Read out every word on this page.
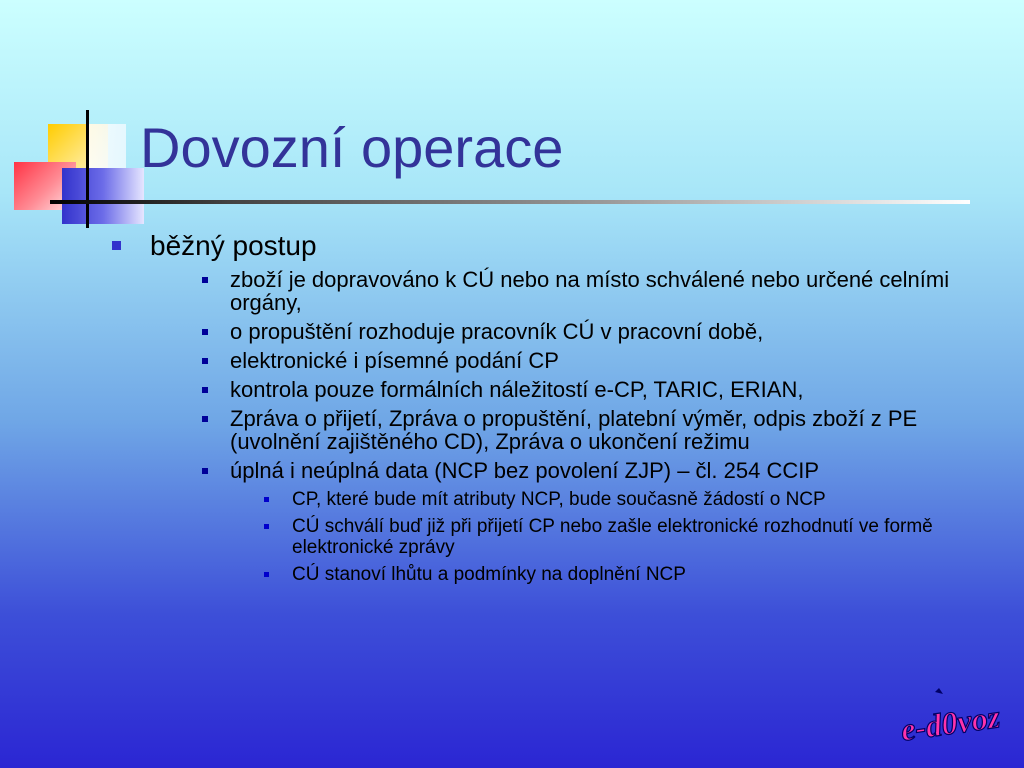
Dovozní operace
běžný postup
zboží je dopravováno k CÚ nebo na místo schválené nebo určené celními orgány,
o propuštění rozhoduje pracovník CÚ v pracovní době,
elektronické i písemné podání CP
kontrola pouze formálních náležitostí e-CP, TARIC, ERIAN,
Zpráva o přijetí, Zpráva o propuštění, platební výměr, odpis zboží z PE (uvolnění zajištěného CD), Zpráva o ukončení režimu
úplná i neúplná data (NCP bez povolení ZJP) – čl. 254 CCIP
CP, které bude mít atributy NCP, bude současně žádostí o NCP
CÚ schválí buď již při přijetí CP nebo zašle elektronické rozhodnutí ve formě elektronické zprávy
CÚ stanoví lhůtu a podmínky na doplnění NCP
e-d0voz
